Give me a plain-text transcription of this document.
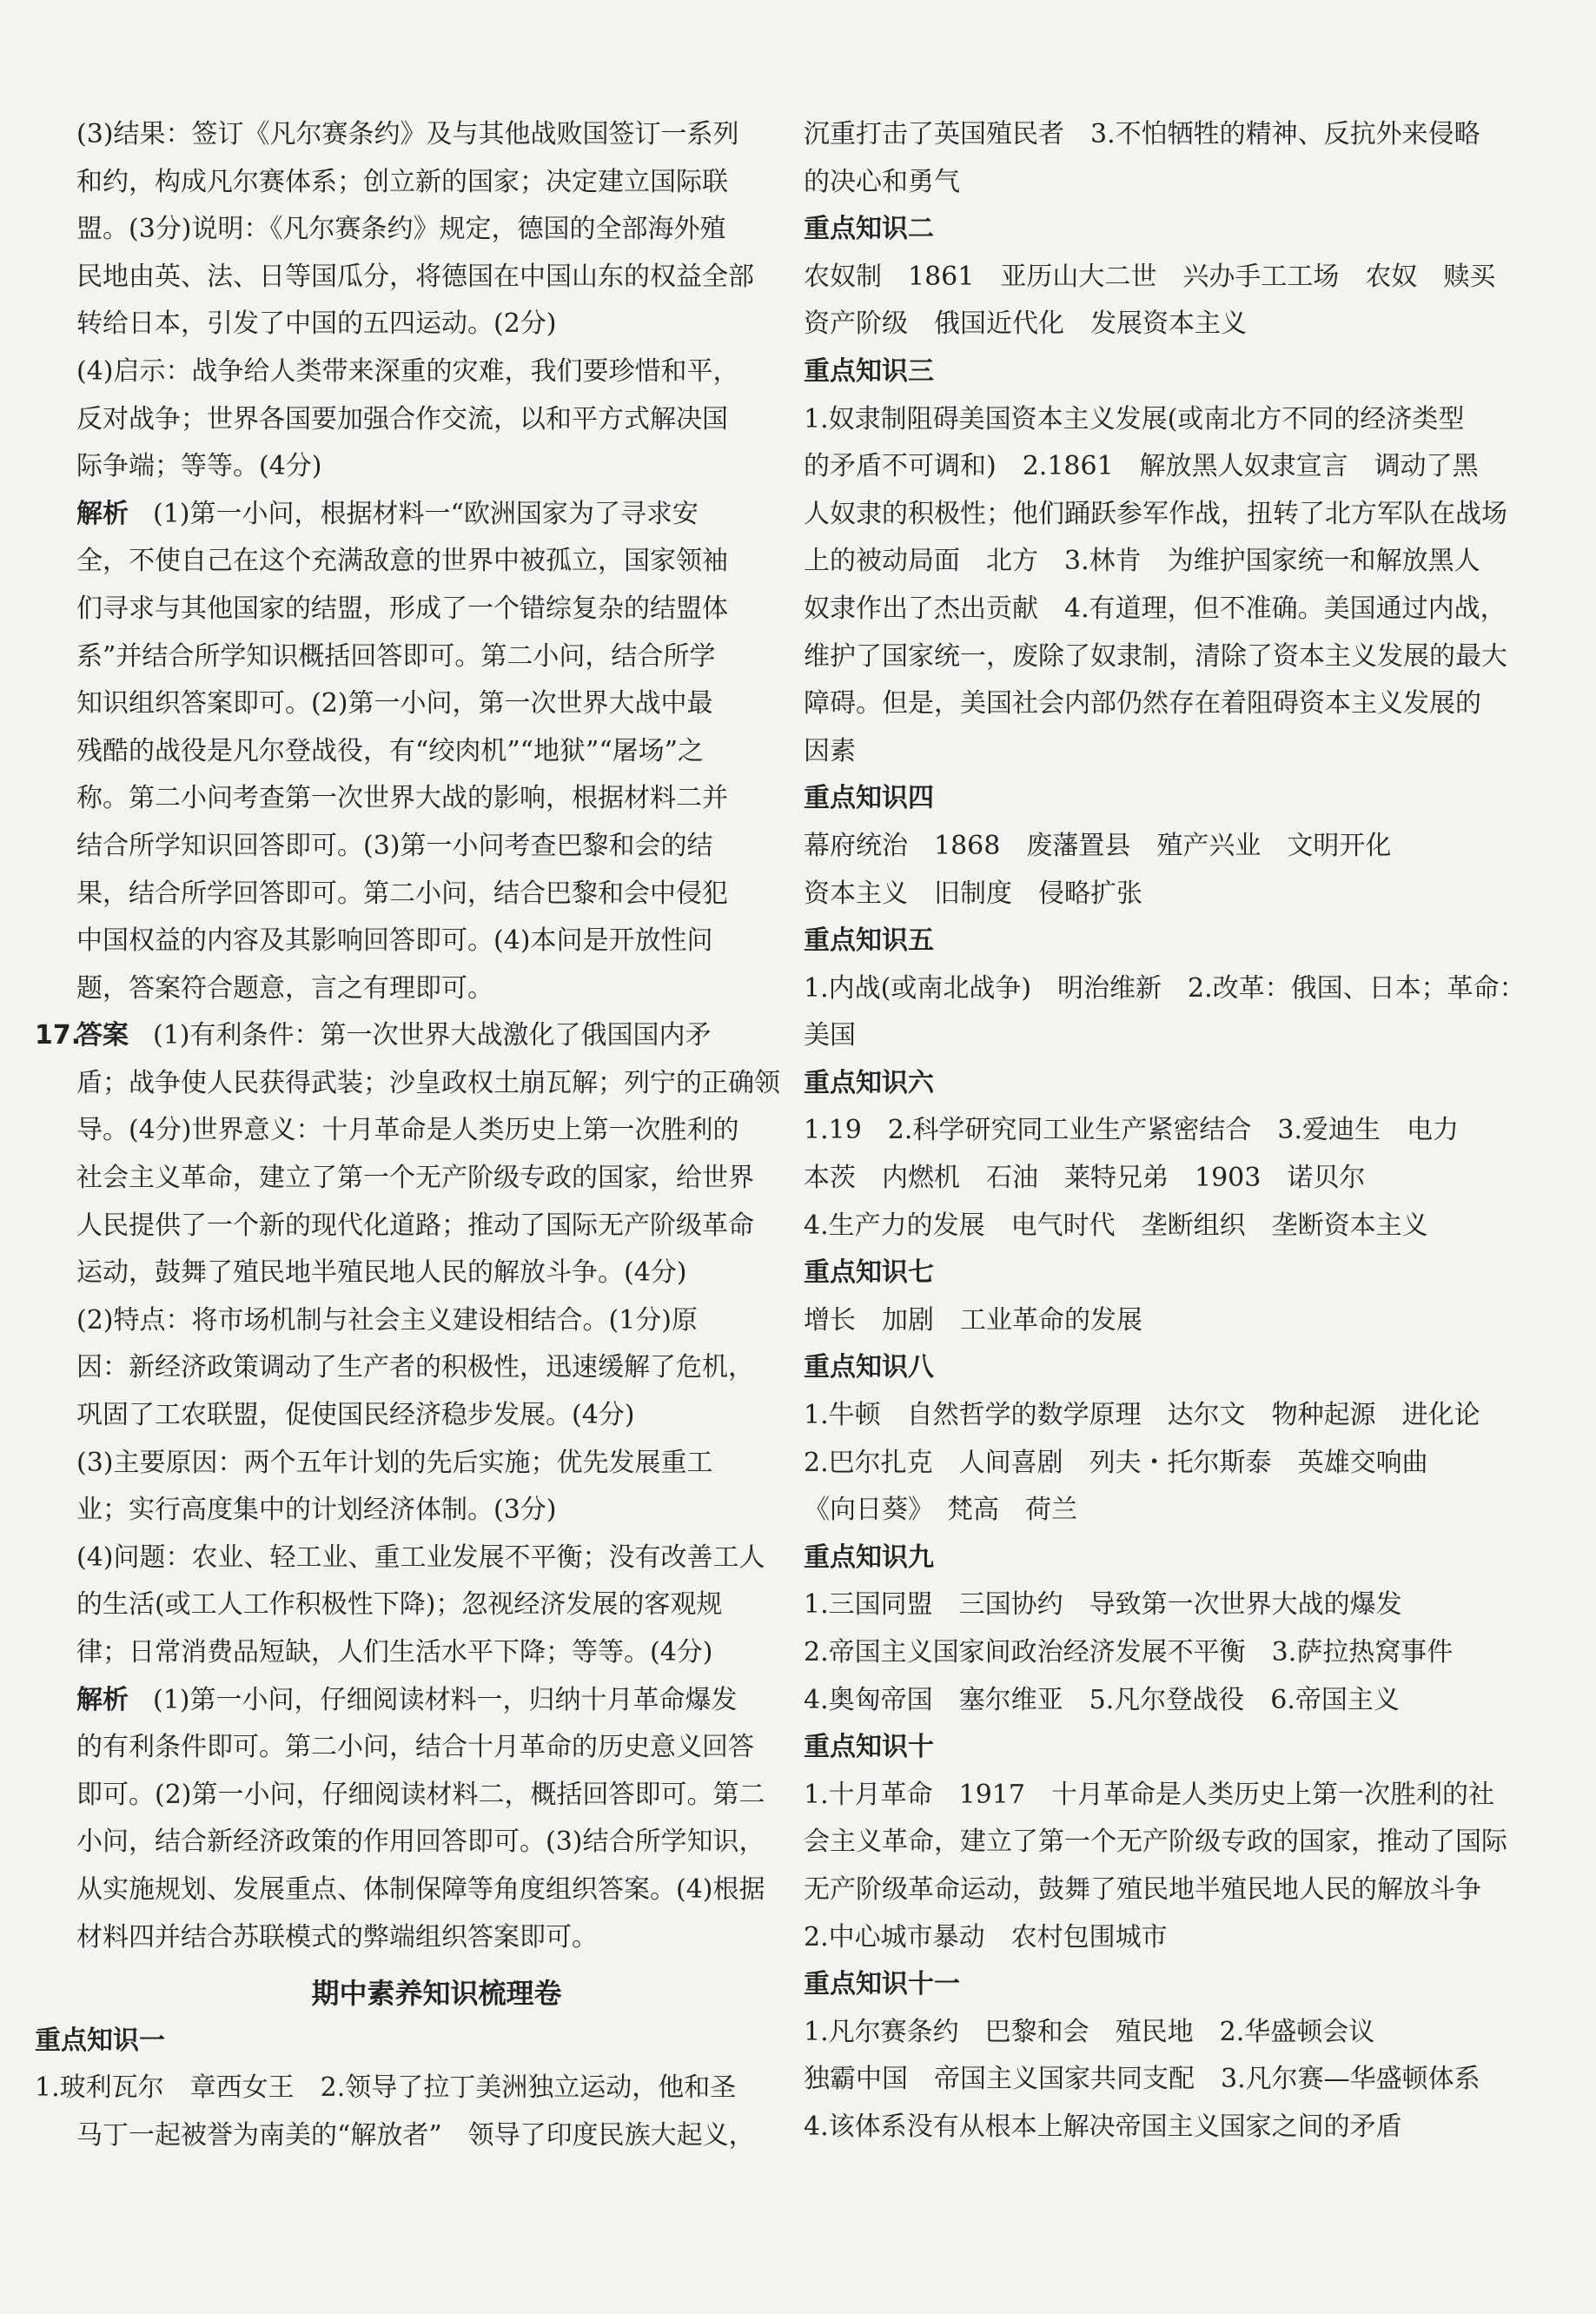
(3)结果：签订《凡尔赛条约》及与其他战败国签订一系列
和约，构成凡尔赛体系；创立新的国家；决定建立国际联
盟。(3分)说明：《凡尔赛条约》规定，德国的全部海外殖
民地由英、法、日等国瓜分，将德国在中国山东的权益全部
转给日本，引发了中国的五四运动。(2分)
(4)启示：战争给人类带来深重的灾难，我们要珍惜和平，
反对战争；世界各国要加强合作交流，以和平方式解决国
际争端；等等。(4分)
解析 (1)第一小问，根据材料一“欧洲国家为了寻求安
全，不使自己在这个充满敌意的世界中被孤立，国家领袖
们寻求与其他国家的结盟，形成了一个错综复杂的结盟体
系”并结合所学知识概括回答即可。第二小问，结合所学
知识组织答案即可。(2)第一小问，第一次世界大战中最
残酷的战役是凡尔登战役，有“绞肉机”“地狱”“屠场”之
称。第二小问考查第一次世界大战的影响，根据材料二并
结合所学知识回答即可。(3)第一小问考查巴黎和会的结
果，结合所学回答即可。第二小问，结合巴黎和会中侵犯
中国权益的内容及其影响回答即可。(4)本问是开放性问
题，答案符合题意，言之有理即可。
17.答案 (1)有利条件：第一次世界大战激化了俄国国内矛
盾；战争使人民获得武装；沙皇政权土崩瓦解；列宁的正确领
导。(4分)世界意义：十月革命是人类历史上第一次胜利的
社会主义革命，建立了第一个无产阶级专政的国家，给世界
人民提供了一个新的现代化道路；推动了国际无产阶级革命
运动，鼓舞了殖民地半殖民地人民的解放斗争。(4分)
(2)特点：将市场机制与社会主义建设相结合。(1分)原
因：新经济政策调动了生产者的积极性，迅速缓解了危机，
巩固了工农联盟，促使国民经济稳步发展。(4分)
(3)主要原因：两个五年计划的先后实施；优先发展重工
业；实行高度集中的计划经济体制。(3分)
(4)问题：农业、轻工业、重工业发展不平衡；没有改善工人
的生活(或工人工作积极性下降)；忽视经济发展的客观规
律；日常消费品短缺，人们生活水平下降；等等。(4分)
解析 (1)第一小问，仔细阅读材料一，归纳十月革命爆发
的有利条件即可。第二小问，结合十月革命的历史意义回答
即可。(2)第一小问，仔细阅读材料二，概括回答即可。第二
小问，结合新经济政策的作用回答即可。(3)结合所学知识，
从实施规划、发展重点、体制保障等角度组织答案。(4)根据
材料四并结合苏联模式的弊端组织答案即可。
期中素养知识梳理卷
重点知识一
1.玻利瓦尔　章西女王　2.领导了拉丁美洲独立运动，他和圣
马丁一起被誉为南美的“解放者”　领导了印度民族大起义，
沉重打击了英国殖民者　3.不怕牺牲的精神、反抗外来侵略
的决心和勇气
重点知识二
农奴制　1861　亚历山大二世　兴办手工工场　农奴　赎买
资产阶级　俄国近代化　发展资本主义
重点知识三
1.奴隶制阻碍美国资本主义发展(或南北方不同的经济类型
的矛盾不可调和)　2.1861　解放黑人奴隶宣言　调动了黑
人奴隶的积极性；他们踊跃参军作战，扭转了北方军队在战场
上的被动局面　北方　3.林肯　为维护国家统一和解放黑人
奴隶作出了杰出贡献　4.有道理，但不准确。美国通过内战，
维护了国家统一，废除了奴隶制，清除了资本主义发展的最大
障碍。但是，美国社会内部仍然存在着阻碍资本主义发展的
因素
重点知识四
幕府统治　1868　废藩置县　殖产兴业　文明开化
资本主义　旧制度　侵略扩张
重点知识五
1.内战(或南北战争)　明治维新　2.改革：俄国、日本；革命：
美国
重点知识六
1.19　2.科学研究同工业生产紧密结合　3.爱迪生　电力
本茨　内燃机　石油　莱特兄弟　1903　诺贝尔
4.生产力的发展　电气时代　垄断组织　垄断资本主义
重点知识七
增长　加剧　工业革命的发展
重点知识八
1.牛顿　自然哲学的数学原理　达尔文　物种起源　进化论
2.巴尔扎克　人间喜剧　列夫・托尔斯泰　英雄交响曲
《向日葵》　梵高　荷兰
重点知识九
1.三国同盟　三国协约　导致第一次世界大战的爆发
2.帝国主义国家间政治经济发展不平衡　3.萨拉热窝事件
4.奥匈帝国　塞尔维亚　5.凡尔登战役　6.帝国主义
重点知识十
1.十月革命　1917　十月革命是人类历史上第一次胜利的社
会主义革命，建立了第一个无产阶级专政的国家，推动了国际
无产阶级革命运动，鼓舞了殖民地半殖民地人民的解放斗争
2.中心城市暴动　农村包围城市
重点知识十一
1.凡尔赛条约　巴黎和会　殖民地　2.华盛顿会议
独霸中国　帝国主义国家共同支配　3.凡尔赛—华盛顿体系
4.该体系没有从根本上解决帝国主义国家之间的矛盾
